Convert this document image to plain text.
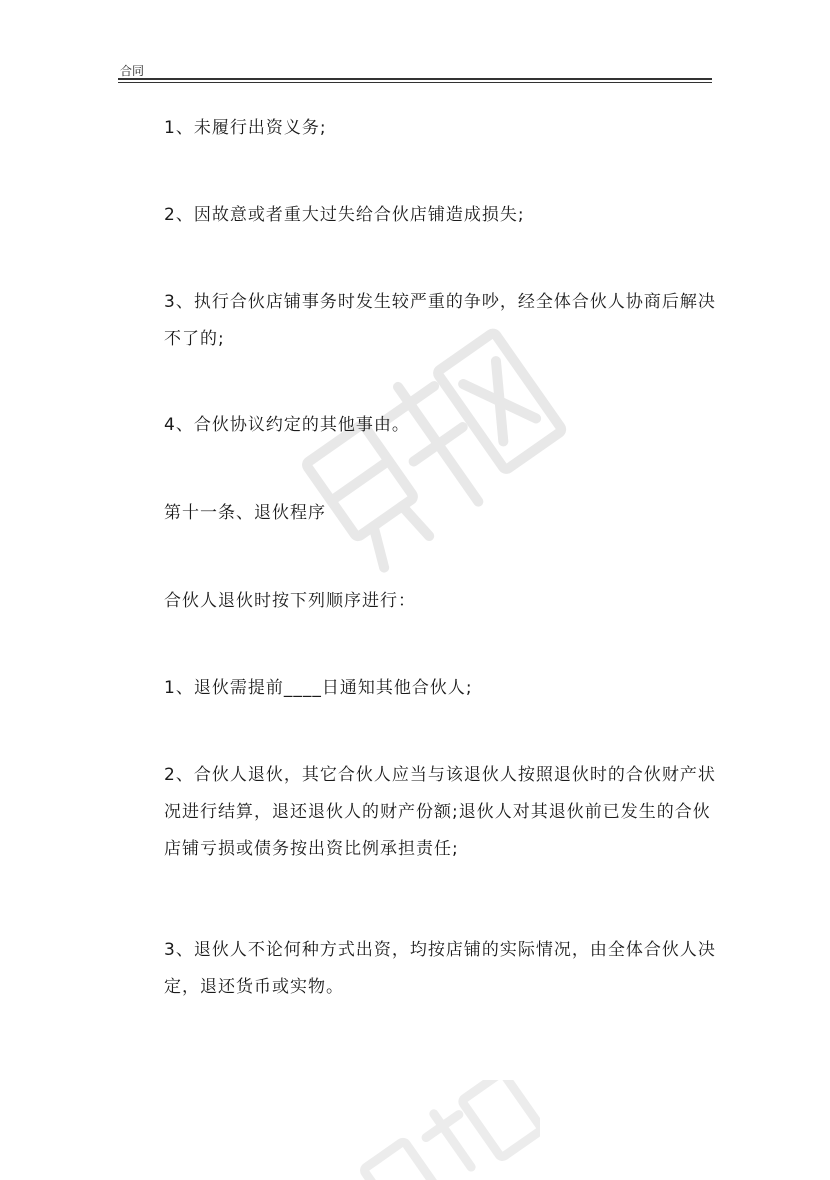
合同

1、未履行出资义务;

2、因故意或者重大过失给合伙店铺造成损失;

3、执行合伙店铺事务时发生较严重的争吵，经全体合伙人协商后解决不了的;

4、合伙协议约定的其他事由。

第十一条、退伙程序

合伙人退伙时按下列顺序进行：

1、退伙需提前____日通知其他合伙人;

2、合伙人退伙，其它合伙人应当与该退伙人按照退伙时的合伙财产状况进行结算，退还退伙人的财产份额;退伙人对其退伙前已发生的合伙店铺亏损或债务按出资比例承担责任;

3、退伙人不论何种方式出资，均按店铺的实际情况，由全体合伙人决定，退还货币或实物。
